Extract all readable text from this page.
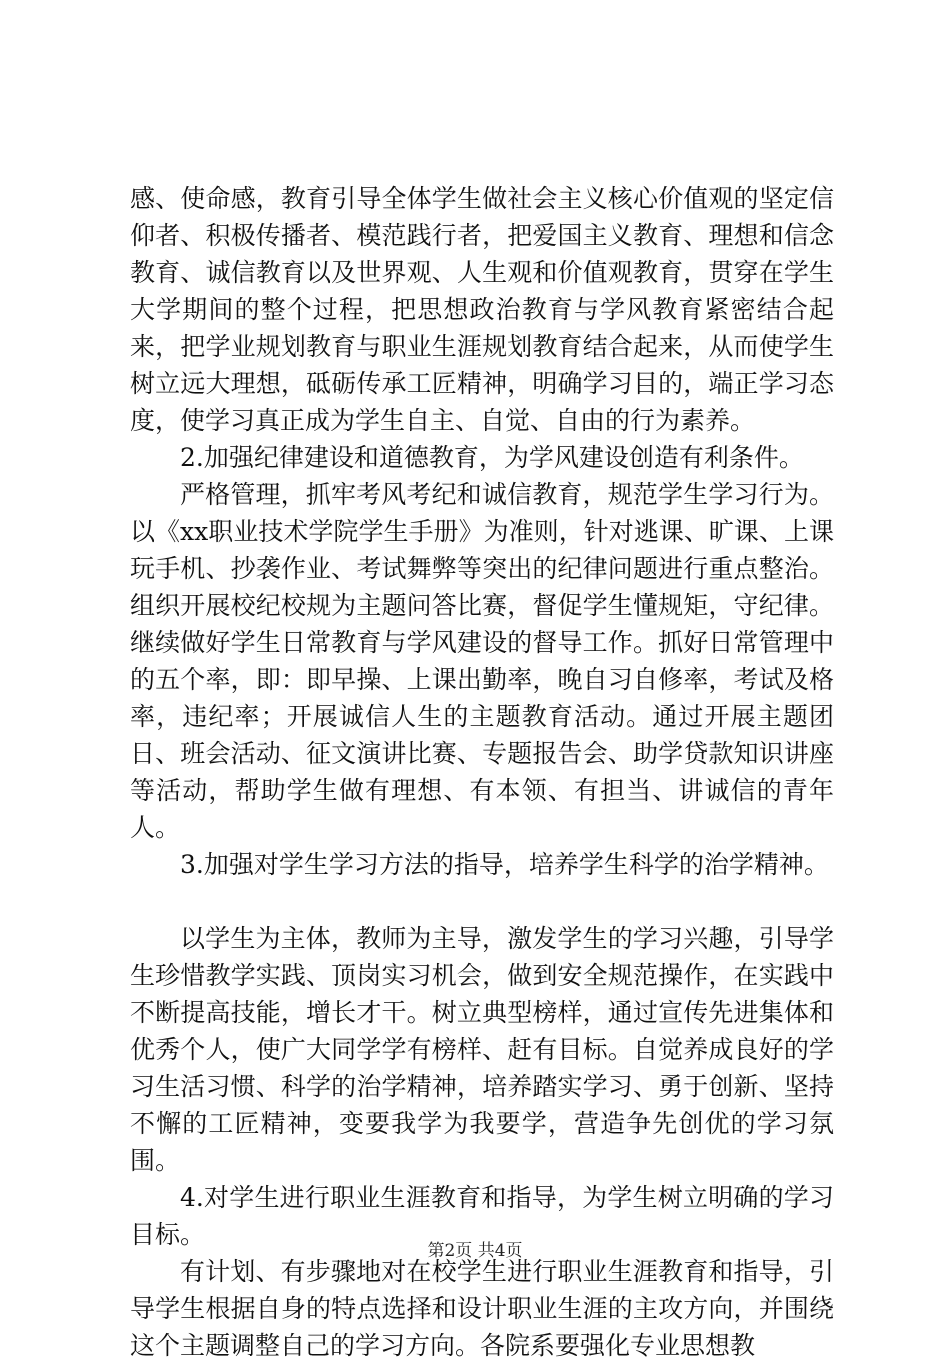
感、使命感，教育引导全体学生做社会主义核心价值观的坚定信仰者、积极传播者、模范践行者，把爱国主义教育、理想和信念教育、诚信教育以及世界观、人生观和价值观教育，贯穿在学生大学期间的整个过程，把思想政治教育与学风教育紧密结合起来，把学业规划教育与职业生涯规划教育结合起来，从而使学生树立远大理想，砥砺传承工匠精神，明确学习目的，端正学习态度，使学习真正成为学生自主、自觉、自由的行为素养。

2.加强纪律建设和道德教育，为学风建设创造有利条件。

严格管理，抓牢考风考纪和诚信教育，规范学生学习行为。以《xx职业技术学院学生手册》为准则，针对逃课、旷课、上课玩手机、抄袭作业、考试舞弊等突出的纪律问题进行重点整治。组织开展校纪校规为主题问答比赛，督促学生懂规矩，守纪律。继续做好学生日常教育与学风建设的督导工作。抓好日常管理中的五个率，即：即早操、上课出勤率，晚自习自修率，考试及格率，违纪率；开展诚信人生的主题教育活动。通过开展主题团日、班会活动、征文演讲比赛、专题报告会、助学贷款知识讲座等活动，帮助学生做有理想、有本领、有担当、讲诚信的青年人。

3.加强对学生学习方法的指导，培养学生科学的治学精神。

以学生为主体，教师为主导，激发学生的学习兴趣，引导学生珍惜教学实践、顶岗实习机会，做到安全规范操作，在实践中不断提高技能，增长才干。树立典型榜样，通过宣传先进集体和优秀个人，使广大同学学有榜样、赶有目标。自觉养成良好的学习生活习惯、科学的治学精神，培养踏实学习、勇于创新、坚持不懈的工匠精神，变要我学为我要学，营造争先创优的学习氛围。

4.对学生进行职业生涯教育和指导，为学生树立明确的学习目标。

有计划、有步骤地对在校学生进行职业生涯教育和指导，引导学生根据自身的特点选择和设计职业生涯的主攻方向，并围绕这个主题调整自己的学习方向。各院系要强化专业思想教

第2页 共4页
